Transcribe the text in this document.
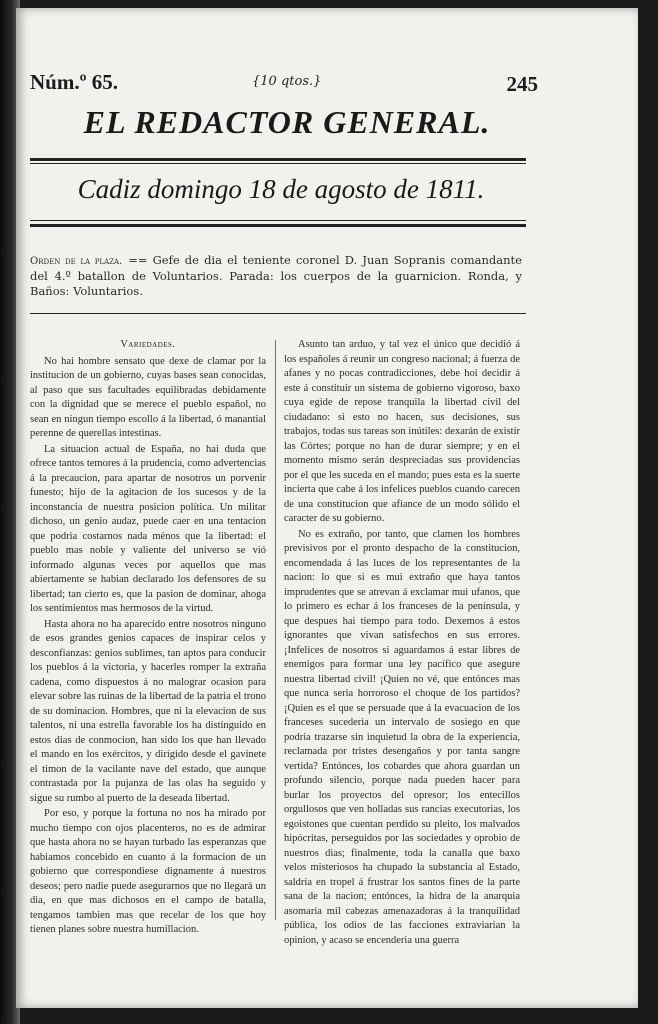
Núm.º 65.	{10 qtos.}	245
EL REDACTOR GENERAL.
Cadiz domingo 18 de agosto de 1811.
Orden de la plaza. == Gefe de dia el teniente coronel D. Juan Sopranis comandante del 4.º batallon de Voluntarios. Parada: los cuerpos de la guarnicion. Ronda, y Baños: Voluntarios.
Variedades.

No hai hombre sensato que dexe de clamar por la institucion de un gobierno, cuyas bases sean conocidas, al paso que sus facultades equilibradas debidamente con la dignidad que se merece el pueblo español, no sean en ningun tiempo escollo á la libertad, ó manantial perenne de querellas intestinas.

La situacion actual de España, no hai duda que ofrece tantos temores á la prudencia, como advertencias á la precaucion, para apartar de nosotros un porvenir funesto; hijo de la agitacion de los sucesos y de la inconstancia de nuestra posicion política. Un militar dichoso, un genio audaz, puede caer en una tentacion que podria costarnos nada ménos que la libertad: el pueblo mas noble y valiente del universo se vió informado algunas veces por aquellos que mas abiertamente se habian declarado los defensores de su libertad; tan cierto es, que la pasion de dominar, ahoga los sentimientos mas hermosos de la virtud.

Hasta ahora no ha aparecido entre nosotros ninguno de esos grandes genios capaces de inspirar celos y desconfianzas: genios sublimes, tan aptos para conducir los pueblos á la victoria, y hacerles romper la extraña cadena, como dispuestos á no malograr ocasion para elevar sobre las ruinas de la libertad de la patria el trono de su dominacion. Hombres, que ni la elevacion de sus talentos, ni una estrella favorable los ha distinguido en estos dias de conmocion, han sido los que han llevado el mando en los exércitos, y dirigido desde el gavinete el timon de la vacilante nave del estado, que aunque contrastada por la pujanza de las olas ha seguido y sigue su rumbo al puerto de la deseada libertad.

Por eso, y porque la fortuna no nos ha mirado por mucho tiempo con ojos placenteros, no es de admirar que hasta ahora no se hayan turbado las esperanzas que habiamos concebido en cuanto á la formacion de un gobierno que correspondiese dignamente á nuestros deseos; pero nadie puede asegurarnos que no llegará un dia, en que mas dichosos en el campo de batalla, tengamos tambien mas que recelar de los que hoy tienen planes sobre nuestra humillacion.

Asunto tan arduo, y tal vez el único que decidió á los españoles á reunir un congreso nacional; á fuerza de afanes y no pocas contradicciones, debe hoi decidir á este á constituir un sistema de gobierno vigoroso, baxo cuya egide de repose tranquila la libertad civil del ciudadano: si esto no hacen, sus decisiones, sus trabajos, todas sus tareas son inútiles: dexarán de existir las Córtes; porque no han de durar siempre; y en el momento mismo serán despreciadas sus providencias por el que les suceda en el mando; pues esta es la suerte incierta que cabe á los infelices pueblos cuando carecen de una constitucion que afiance de un modo sólido el caracter de su gobierno.

No es extraño, por tanto, que clamen los hombres previsivos por el pronto despacho de la constitucion, encomendada á las luces de los representantes de la nacion: lo que si es mui extraño que haya tantos imprudentes que se atrevan á exclamar mui ufanos, que lo primero es echar á los franceses de la península, y que despues hai tiempo para todo. Dexemos á estos ignorantes que vivan satisfechos en sus errores. ¡Infelices de nosotros si aguardamos á estar libres de enemigos para formar una ley pacífico que asegure nuestra libertad civil! ¡Quien no vé, que entónces mas que nunca seria horroroso el choque de los partidos? ¡Quien es el que se persuade que á la evacuacion de los franceses sucederia un intervalo de sosiego en que podria trazarse sin inquietud la obra de la experiencia, reclamada por tristes desengaños y por tanta sangre vertida? Entónces, los cobardes que ahora guardan un profundo silencio, porque nada pueden hacer para burlar los proyectos del opresor; los entecillos orgullosos que ven holladas sus rancias executorias, los egoistones que cuentan perdido su pleito, los malvados hipócritas, perseguidos por las sociedades y oprobio de nuestros dias; finalmente, toda la canalla que baxo velos misteriosos ha chupado la substancia al Estado, saldria en tropel á frustrar los santos fines de la parte sana de la nacion; entónces, la hidra de la anarquia asomaria mil cabezas amenazadoras á la tranquilidad pública, los odios de las facciones extraviarian la opinion, y acaso se encenderia una guerra
